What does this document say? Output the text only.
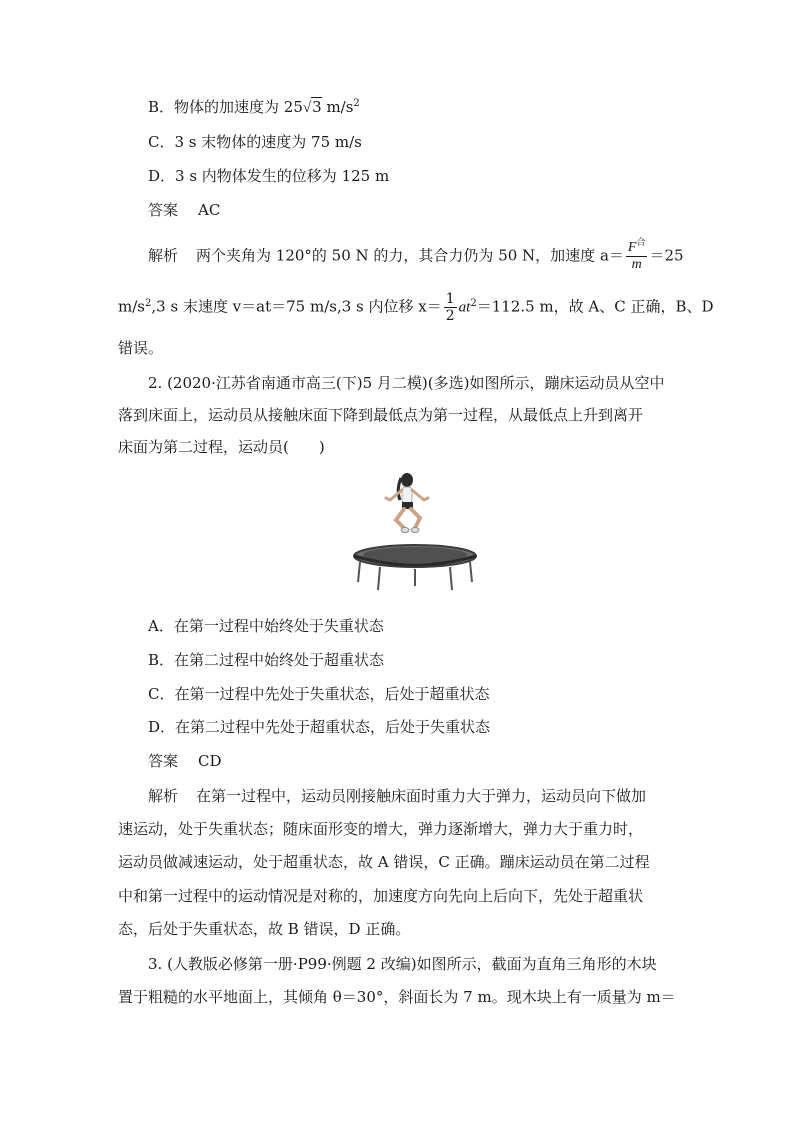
B．物体的加速度为 25√3 $m/s^2$
C．3 s 末物体的速度为 75 m/s
D．3 s 内物体发生的位移为 125 m
答案 AC
解析 两个夹角为 120°的 50 N 的力，其合力仍为 50 N，加速度 $a= \frac{F^合}{m} =25$
$m/s^2,3$ s 末速度 v＝at＝75 m/s,3 s 内位移 $x= \frac{1}{2} at^2=112.5$ m，故 A、C 正确，B、D
错误。
2. (2020·江苏省南通市高三(下)5 月二模)(多选)如图所示，蹦床运动员从空中
落到床面上，运动员从接触床面下降到最低点为第一过程，从最低点上升到离开
床面为第二过程，运动员(　　)
A．在第一过程中始终处于失重状态
B．在第二过程中始终处于超重状态
C．在第一过程中先处于失重状态，后处于超重状态
D．在第二过程中先处于超重状态，后处于失重状态
答案 CD
解析 在第一过程中，运动员刚接触床面时重力大于弹力，运动员向下做加
速运动，处于失重状态；随床面形变的增大，弹力逐渐增大，弹力大于重力时，
运动员做减速运动，处于超重状态，故 A 错误，C 正确。蹦床运动员在第二过程
中和第一过程中的运动情况是对称的，加速度方向先向上后向下，先处于超重状
态，后处于失重状态，故 B 错误，D 正确。
3. (人教版必修第一册·P99·例题 2 改编)如图所示，截面为直角三角形的木块
置于粗糙的水平地面上，其倾角 θ＝30°，斜面长为 7 m。现木块上有一质量为 m＝
